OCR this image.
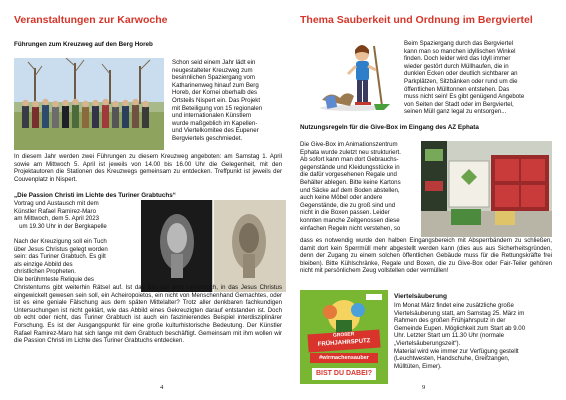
Veranstaltungen zur Karwoche
Führungen zum Kreuzweg auf den Berg Horeb
Schon seid einem Jahr lädt ein
neugestalteter Kreuzweg zum
besinnlichen Spaziergang vom
Katharinenweg hinauf zum Berg
Horeb, der Kornei oberhalb des
Ortsteils Nispert ein. Das Projekt
mit Beteiligung von 15 regionalen
und internationalen Künstlern
wurde maßgeblich im Kapellen-
und Viertelkomitee des Eupener
Bergviertels geschmiedet.

In diesem Jahr werden zwei Führungen zu diesem Kreuzweg angeboten: am Samstag 1. April sowie am Mittwoch 5. April ist jeweils von 14.00 bis 16.00 Uhr die Gelegenheit, mit den Projektautoren die Stationen des Kreuzwegs gemeinsam zu entdecken. Treffpunkt ist jeweils der Couvenplatz in Nispert.

„Die Passion Christi im Lichte des Turiner Grabtuchs“
Vortrag und Austausch mit dem
Künstler Rafael Ramirez-Maro
am Mittwoch, dem 5. April 2023
um 19.30 Uhr in der Bergkapelle
Nach der Kreuzigung soll ein Tuch
über Jesus Christus gelegt worden
sein: das Turiner Grabtuch. Es gilt
als einzige Abbild des
christlichen Propheten.
Die berühmteste Reliquie des

Christentums gibt weiterhin Rätsel auf. Ist das Bild auf dem Leinentuch, in das Jesus Christus eingewickelt gewesen sein soll, ein Acheiropoietos, ein nicht von Menschenhand Gemachtes, oder ist es eine geniale Fälschung aus dem späten Mittelalter? Trotz aller denkbaren fachkundigen Untersuchungen ist nicht geklärt, wie das Abbild eines Gekreuzigten darauf entstanden ist. Doch ob echt oder nicht, das Turiner Grabtuch ist auch ein faszinierendes Beispiel interdisziplinärer Forschung. Es ist der Ausgangspunkt für eine große kulturhistorische Bedeutung. Der Künstler Rafael Ramirez-Maro hat sich lange mit dem Grabtuch beschäftigt. Gemeinsam mit ihm wollen wir die Passion Christi im Lichte des Turiner Grabtuchs entdecken.

4
Thema Sauberkeit und Ordnung im Bergviertel
Beim Spaziergang durch das Bergviertel
kann man so manchen idyllischen Winkel
finden. Doch leider wird das Idyll immer
wieder gestört durch Müllhaufen, die in
dunklen Ecken oder deutlich sichtbarer an
Parkplätzen, Sitzbänken oder rund um die
öffentlichen Mülltonnen entstehen. Das
muss nicht sein! Es gibt genügend Angebote
von Seiten der Stadt oder im Bergviertel,
seinen Müll ganz legal zu entsorgen...
Nutzungsregeln für die Give-Box im Eingang des AZ Ephata
Die Give-Box im Animationszentrum
Ephata wurde zuletzt neu strukturiert.
Ab sofort kann man dort Gebrauchs-
gegenstände und Kleidungsstücke in
die dafür vorgesehenen Regale und
Behälter ablegen. Bitte keine Kartons
und Säcke auf dem Boden abstellen,
auch keine Möbel oder andere
Gegenstände, die zu groß sind und
nicht in die Boxen passen. Leider
konnten manche Zeitgenossen diese
einfachen Regeln nicht verstehen, so

dass es notwendig wurde den halben Eingangsbereich mit Absperrbändern zu schließen, damit dort kein Sperrmüll mehr abgestellt werden kann (dies aus aus Sicherheitsgründen, denn der Zugang zu einem solchen öffentlichen Gebäude muss für die Rettungskräfte frei bleiben). Bitte Kühlschränke, Regale und Boxen, die zu Give-Box oder Fair-Teiler gehören nicht mit persönlichem Zeug vollstellen oder vermüllen!

GROßER
FRÜHJAHRSPUTZ
#wirmachensauber
BIST DU DABEI?
Viertelsäuberung
Im Monat März findet eine zusätzliche große
Viertelsäuberung statt, am Samstag 25. März im
Rahmen des großen Frühjahrsputz in der
Gemeinde Eupen. Möglichkeit zum Start ab 9.00
Uhr. Letzter Start um 11.30 Uhr (normale
„Viertelsäuberungszeit“).
Material wird wie immer zur Verfügung gestellt
(Leuchtwesten, Handschuhe, Greifzangen,
Mülltüten, Eimer).
9
